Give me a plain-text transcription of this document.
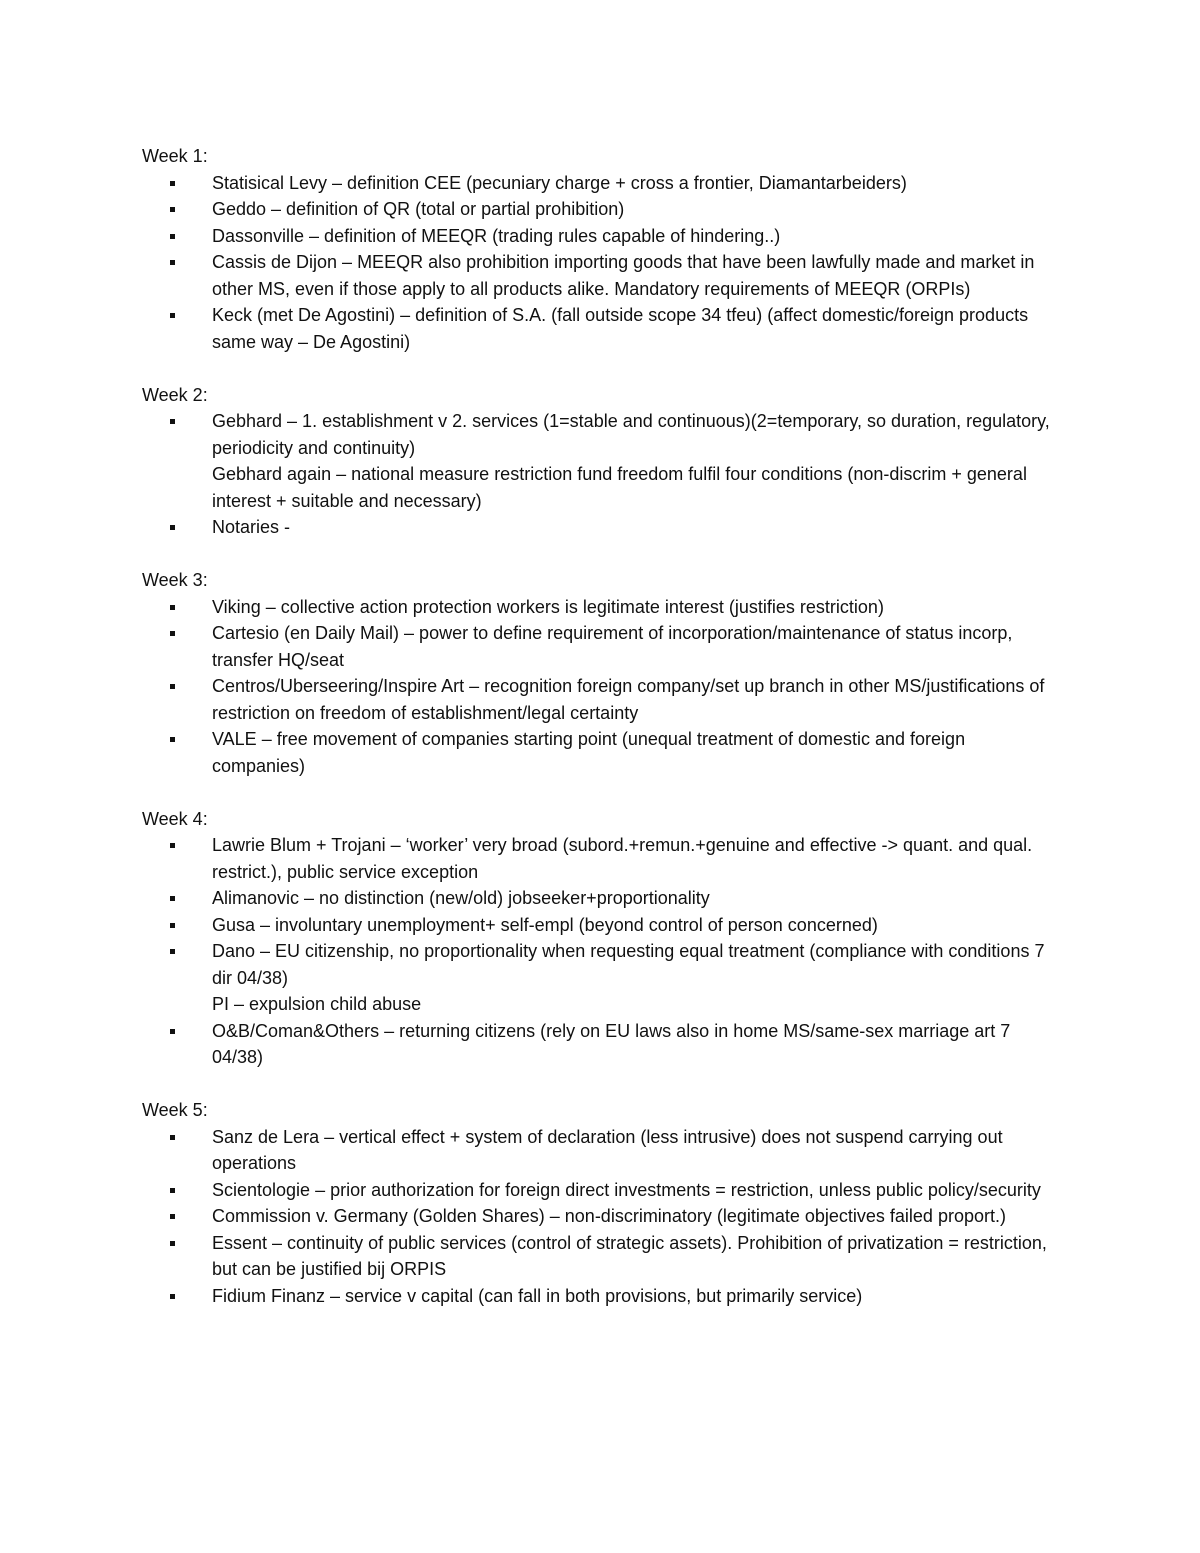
Week 1:

Statisical Levy – definition CEE (pecuniary charge + cross a frontier, Diamantarbeiders)
Geddo – definition of QR (total or partial prohibition)
Dassonville – definition of MEEQR (trading rules capable of hindering..)
Cassis de Dijon – MEEQR also prohibition importing goods that have been lawfully made and market in other MS, even if those apply to all products alike. Mandatory requirements of MEEQR (ORPIs)
Keck (met De Agostini) – definition of S.A. (fall outside scope 34 tfeu) (affect domestic/foreign products same way – De Agostini)

Week 2:

Gebhard – 1. establishment v 2. services (1=stable and continuous)(2=temporary, so duration, regulatory, periodicity and continuity)
Gebhard again – national measure restriction fund freedom fulfil four conditions (non-discrim + general interest + suitable and necessary)
Notaries -

Week 3:

Viking – collective action protection workers is legitimate interest (justifies restriction)
Cartesio (en Daily Mail) – power to define requirement of incorporation/maintenance of status incorp, transfer HQ/seat
Centros/Uberseering/Inspire Art – recognition foreign company/set up branch in other MS/justifications of restriction on freedom of establishment/legal certainty
VALE – free movement of companies starting point (unequal treatment of domestic and foreign companies)

Week 4:

Lawrie Blum + Trojani – ‘worker’ very broad (subord.+remun.+genuine and effective -> quant. and qual. restrict.), public service exception
Alimanovic – no distinction (new/old) jobseeker+proportionality
Gusa – involuntary unemployment+ self-empl (beyond control of person concerned)
Dano – EU citizenship, no proportionality when requesting equal treatment (compliance with conditions 7 dir 04/38)
PI – expulsion child abuse
O&B/Coman&Others – returning citizens (rely on EU laws also in home MS/same-sex marriage art 7 04/38)

Week 5:

Sanz de Lera – vertical effect + system of declaration (less intrusive) does not suspend carrying out operations
Scientologie – prior authorization for foreign direct investments = restriction, unless public policy/security
Commission v. Germany (Golden Shares) – non-discriminatory (legitimate objectives failed proport.)
Essent – continuity of public services (control of strategic assets). Prohibition of privatization = restriction, but can be justified bij ORPIS
Fidium Finanz – service v capital (can fall in both provisions, but primarily service)
